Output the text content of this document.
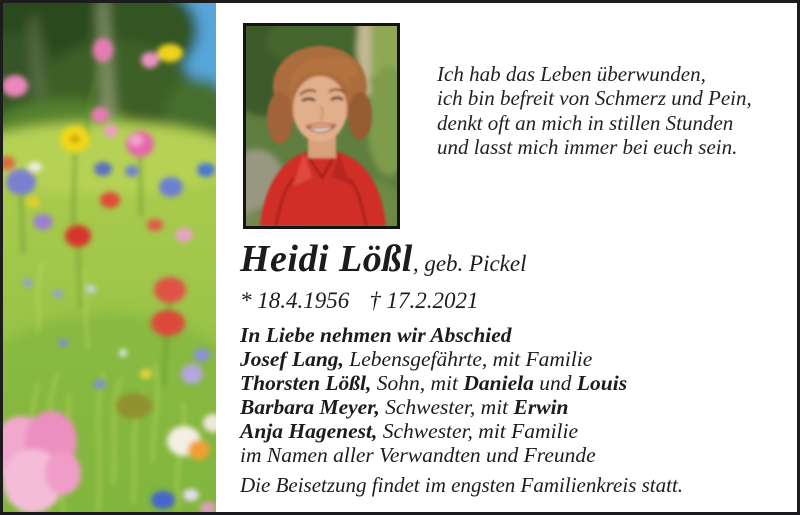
Ich hab das Leben überwunden,
ich bin befreit von Schmerz und Pein,
denkt oft an mich in stillen Stunden
und lasst mich immer bei euch sein.
Heidi Lößl, geb. Pickel
* 18.4.1956 † 17.2.2021
In Liebe nehmen wir Abschied
Josef Lang, Lebensgefährte, mit Familie
Thorsten Lößl, Sohn, mit Daniela und Louis
Barbara Meyer, Schwester, mit Erwin
Anja Hagenest, Schwester, mit Familie
im Namen aller Verwandten und Freunde
Die Beisetzung findet im engsten Familienkreis statt.
